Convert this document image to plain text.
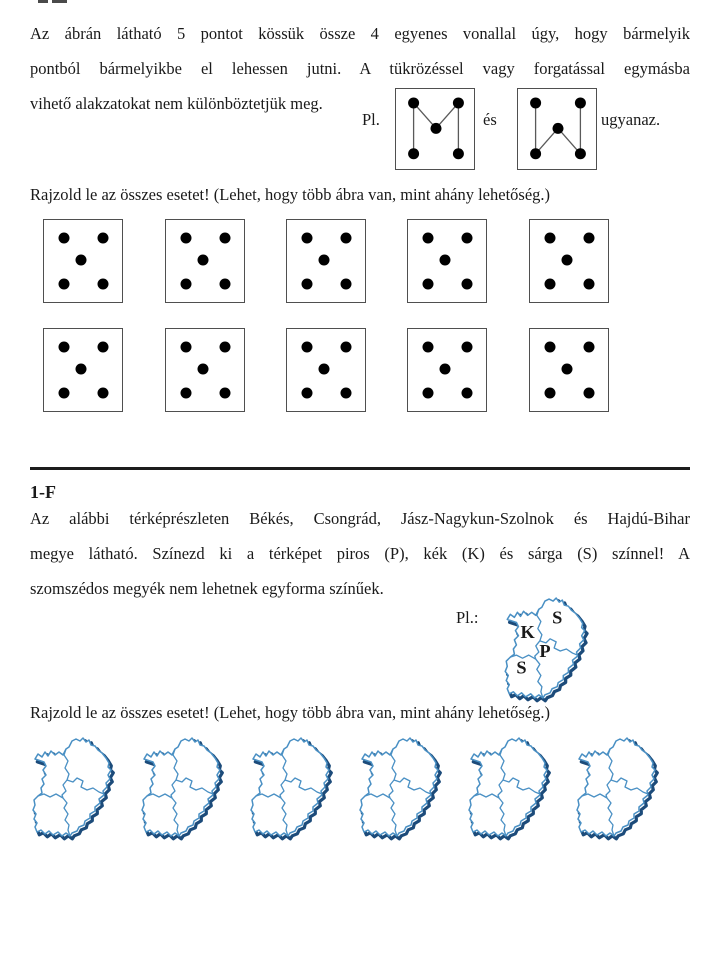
Az ábrán látható 5 pontot kössük össze 4 egyenes vonallal úgy, hogy bármelyik
pontból bármelyikbe el lehessen jutni. A tükrözéssel vagy forgatással egymásba
vihető alakzatokat nem különböztetjük meg.
Pl.	és	ugyanaz.
Rajzold le az összes esetet! (Lehet, hogy több ábra van, mint ahány lehetőség.)
1-F
Az alábbi térképrészleten Békés, Csongrád, Jász-Nagykun-Szolnok és Hajdú-Bihar
megye látható. Színezd ki a térképet piros (P), kék (K) és sárga (S) színnel! A
szomszédos megyék nem lehetnek egyforma színűek.
Pl.:
K
S
P
S
Rajzold le az összes esetet! (Lehet, hogy több ábra van, mint ahány lehetőség.)
